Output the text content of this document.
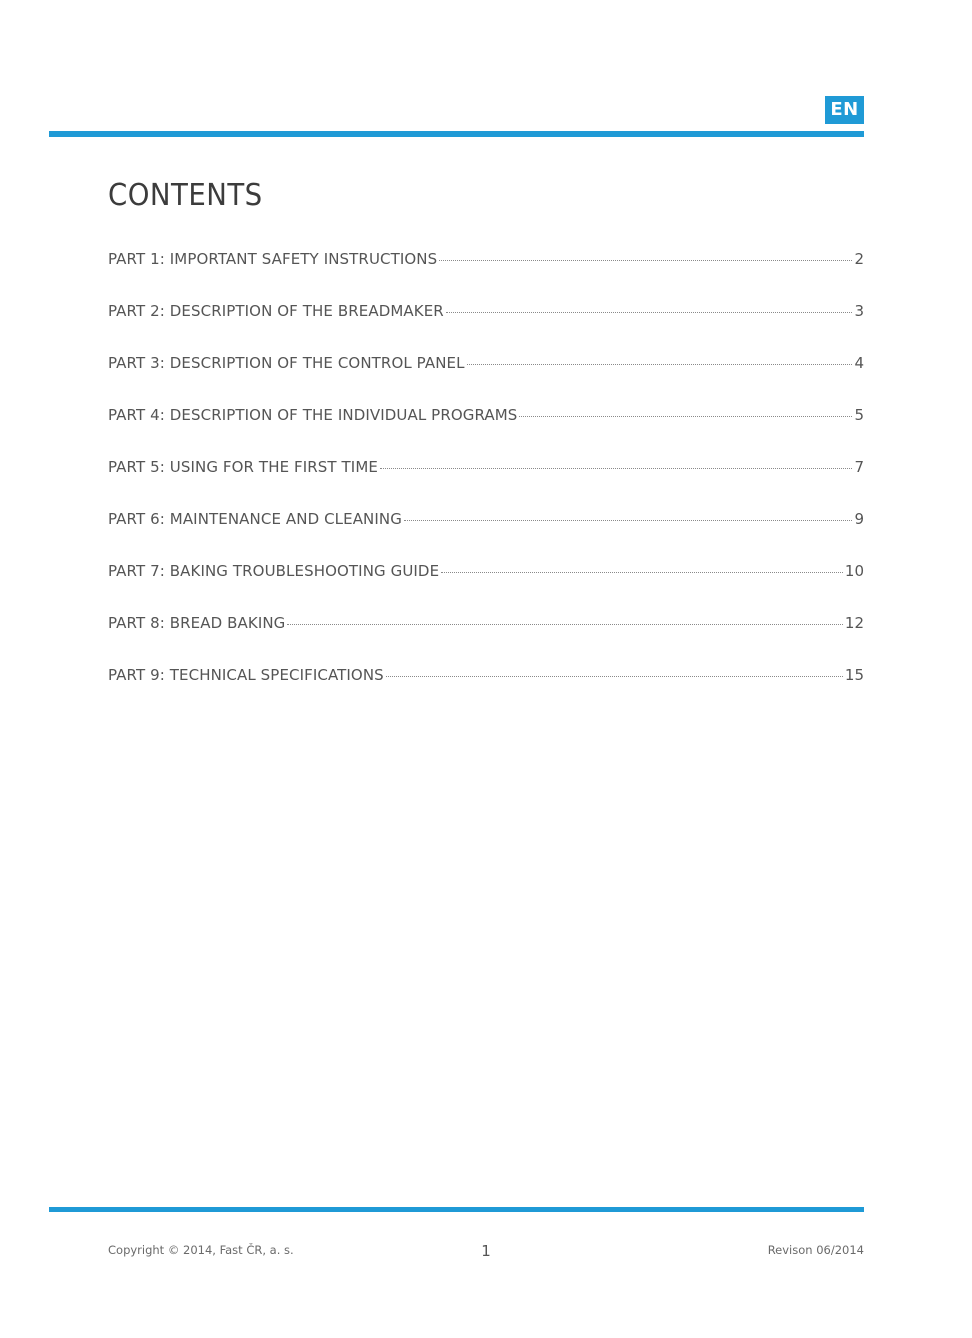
EN
CONTENTS
PART 1: IMPORTANT SAFETY INSTRUCTIONS	2
PART 2: DESCRIPTION OF THE BREADMAKER	3
PART 3: DESCRIPTION OF THE CONTROL PANEL	4
PART 4: DESCRIPTION OF THE INDIVIDUAL PROGRAMS	5
PART 5: USING FOR THE FIRST TIME	7
PART 6: MAINTENANCE AND CLEANING	9
PART 7: BAKING TROUBLESHOOTING GUIDE	10
PART 8: BREAD BAKING	12
PART 9: TECHNICAL SPECIFICATIONS	15
Copyright © 2014, Fast ČR, a. s.	1	Revison 06/2014
